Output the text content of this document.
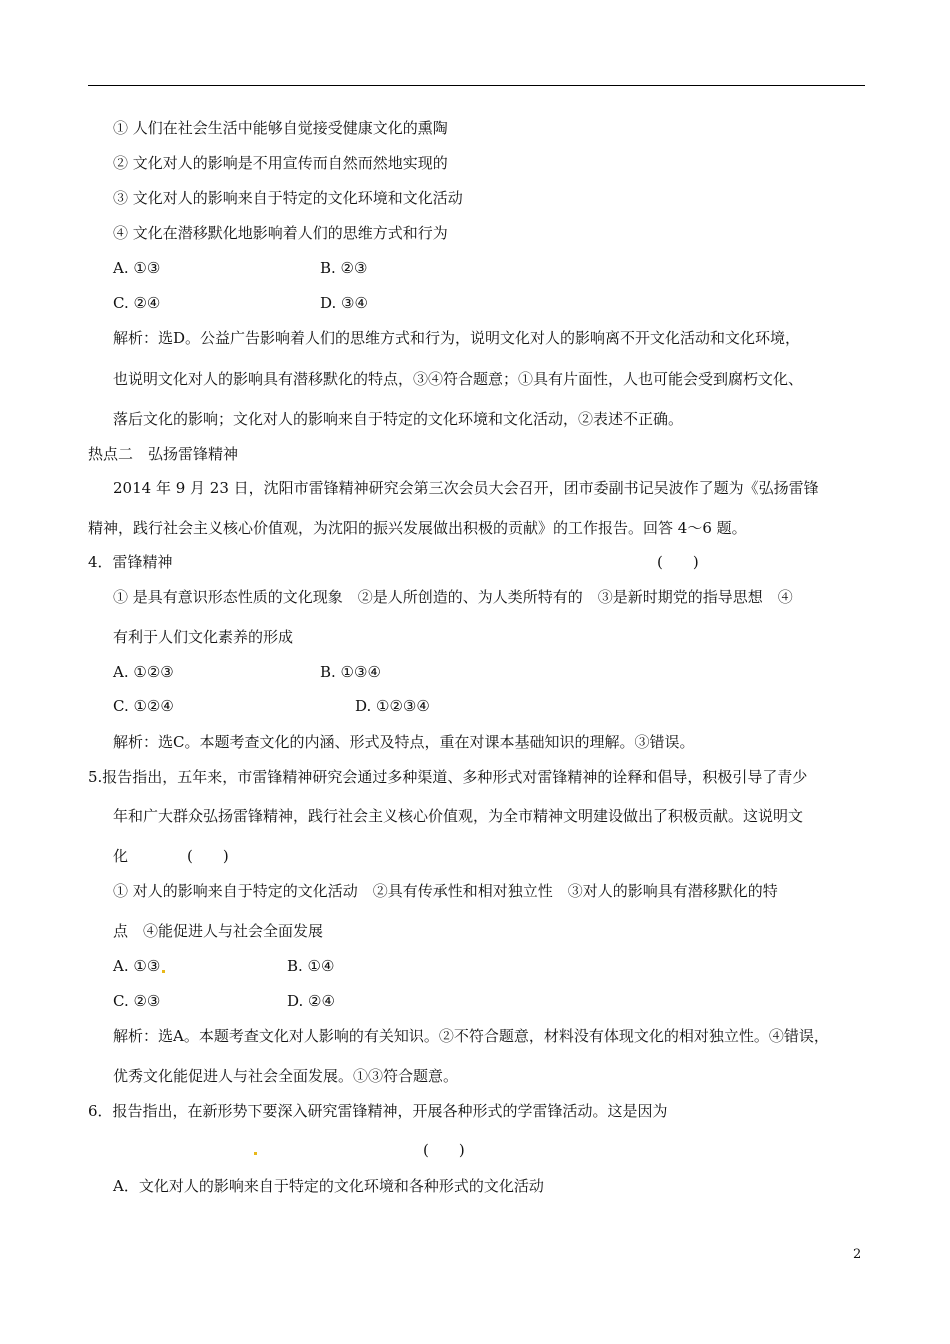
① 人们在社会生活中能够自觉接受健康文化的熏陶
② 文化对人的影响是不用宣传而自然而然地实现的
③ 文化对人的影响来自于特定的文化环境和文化活动
④ 文化在潜移默化地影响着人们的思维方式和行为
A. ①③	B. ②③
C. ②④	D. ③④
解析：选D。公益广告影响着人们的思维方式和行为，说明文化对人的影响离不开文化活动和文化环境，
也说明文化对人的影响具有潜移默化的特点，③④符合题意；①具有片面性，人也可能会受到腐朽文化、
落后文化的影响；文化对人的影响来自于特定的文化环境和文化活动，②表述不正确。
热点二　弘扬雷锋精神
2014 年 9 月 23 日，沈阳市雷锋精神研究会第三次会员大会召开，团市委副书记吴波作了题为《弘扬雷锋
精神，践行社会主义核心价值观，为沈阳的振兴发展做出积极的贡献》的工作报告。回答 4～6 题。
4．雷锋精神	(　　)
① 是具有意识形态性质的文化现象　②是人所创造的、为人类所特有的　③是新时期党的指导思想　④
有利于人们文化素养的形成
A. ①②③	B. ①③④
C. ①②④	D. ①②③④
解析：选C。本题考查文化的内涵、形式及特点，重在对课本基础知识的理解。③错误。
5.报告指出，五年来，市雷锋精神研究会通过多种渠道、多种形式对雷锋精神的诠释和倡导，积极引导了青少
年和广大群众弘扬雷锋精神，践行社会主义核心价值观，为全市精神文明建设做出了积极贡献。这说明文
化	(　　)
① 对人的影响来自于特定的文化活动　②具有传承性和相对独立性　③对人的影响具有潜移默化的特
点　④能促进人与社会全面发展
A. ①③	B. ①④
C. ②③	D. ②④
解析：选A。本题考查文化对人影响的有关知识。②不符合题意，材料没有体现文化的相对独立性。④错误，
优秀文化能促进人与社会全面发展。①③符合题意。
6．报告指出，在新形势下要深入研究雷锋精神，开展各种形式的学雷锋活动。这是因为
(　　)
A．文化对人的影响来自于特定的文化环境和各种形式的文化活动
2
